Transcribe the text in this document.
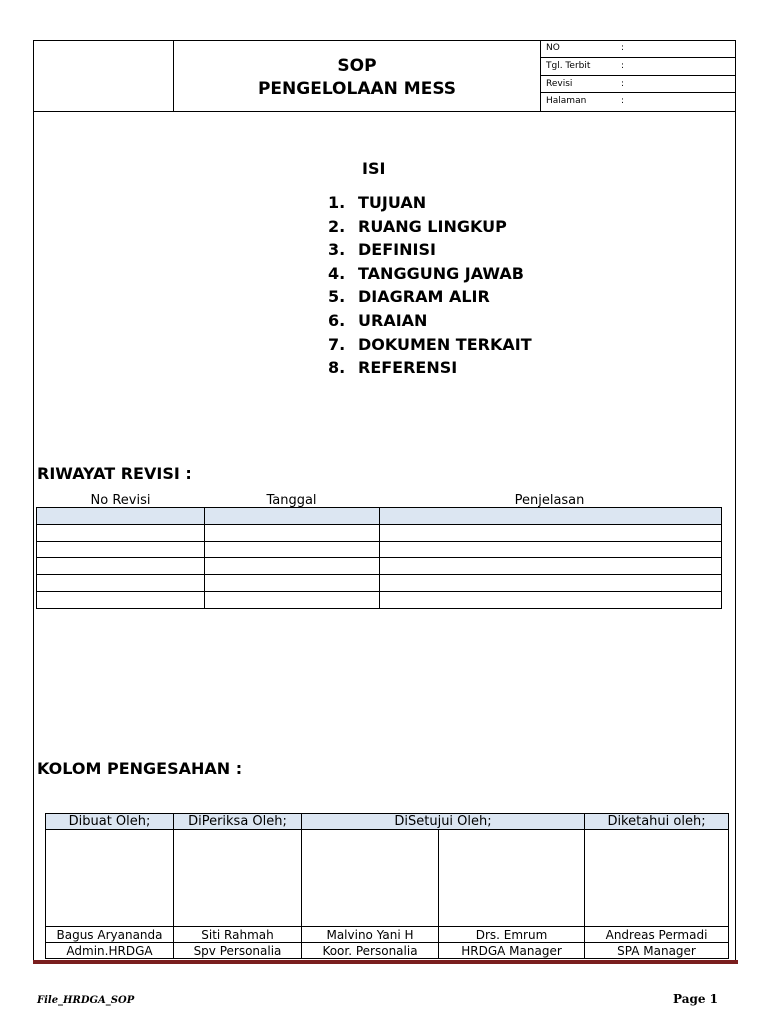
SOP
PENGELOLAAN MESS
NO	:
Tgl. Terbit	:
Revisi	:
Halaman	:
ISI
1. TUJUAN
2. RUANG LINGKUP
3. DEFINISI
4. TANGGUNG JAWAB
5. DIAGRAM ALIR
6. URAIAN
7. DOKUMEN TERKAIT
8. REFERENSI
RIWAYAT REVISI :
No Revisi	Tanggal	Penjelasan

KOLOM PENGESAHAN :
Dibuat Oleh;	DiPeriksa Oleh;	DiSetujui Oleh;		Diketahui oleh;

Bagus Aryananda	Siti Rahmah	Malvino Yani H	Drs. Emrum	Andreas Permadi
Admin.HRDGA	Spv Personalia	Koor. Personalia	HRDGA Manager	SPA Manager
File_HRDGA_SOP	Page 1
